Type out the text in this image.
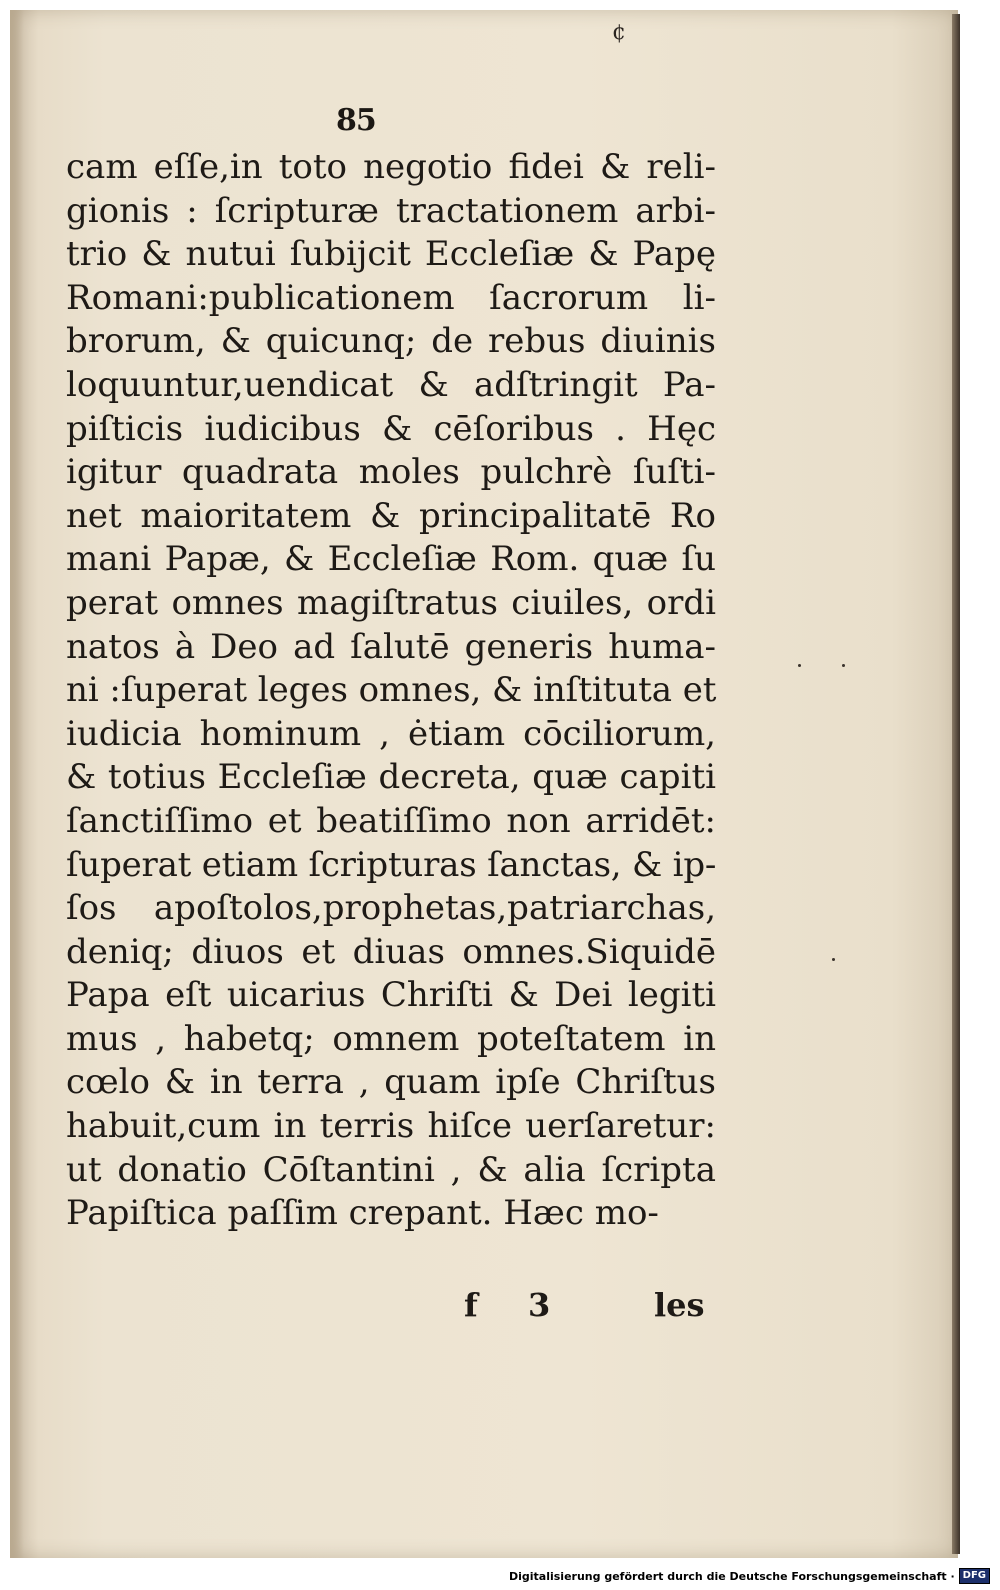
¢
85
cam eſſe,in toto negotio fidei & reli-
gionis : ſcripturæ tractationem arbi-
trio & nutui ſubijcit Eccleſiæ & Papę
Romani:publicationem ſacrorum li-
brorum, & quicunq; de rebus diuinis
loquuntur,uendicat & adſtringit Pa-
piſticis iudicibus & cēſoribus . Hęc
igitur quadrata moles pulchrè ſuſti-
net maioritatem & principalitatē Ro
mani Papæ, & Eccleſiæ Rom. quæ ſu
perat omnes magiſtratus ciuiles, ordi
natos à Deo ad ſalutē generis huma-
ni :ſuperat leges omnes, & inſtituta et
iudicia hominum , ėtiam cōciliorum,
& totius Eccleſiæ decreta, quæ capiti
ſanctiſſimo et beatiſſimo non arridēt:
ſuperat etiam ſcripturas ſanctas, & ip-
ſos apoſtolos,prophetas,patriarchas,
deniq; diuos et diuas omnes.Siquidē
Papa eſt uicarius Chriſti & Dei legiti
mus , habetq; omnem poteſtatem in
cœlo & in terra , quam ipſe Chriſtus
habuit,cum in terris hiſce uerſaretur:
ut donatio Cōſtantini , & alia ſcripta
Papiſtica paſſim crepant. Hæc mo-
f 3	les
Digitalisierung gefördert durch die Deutsche Forschungsgemeinschaft · DFG
